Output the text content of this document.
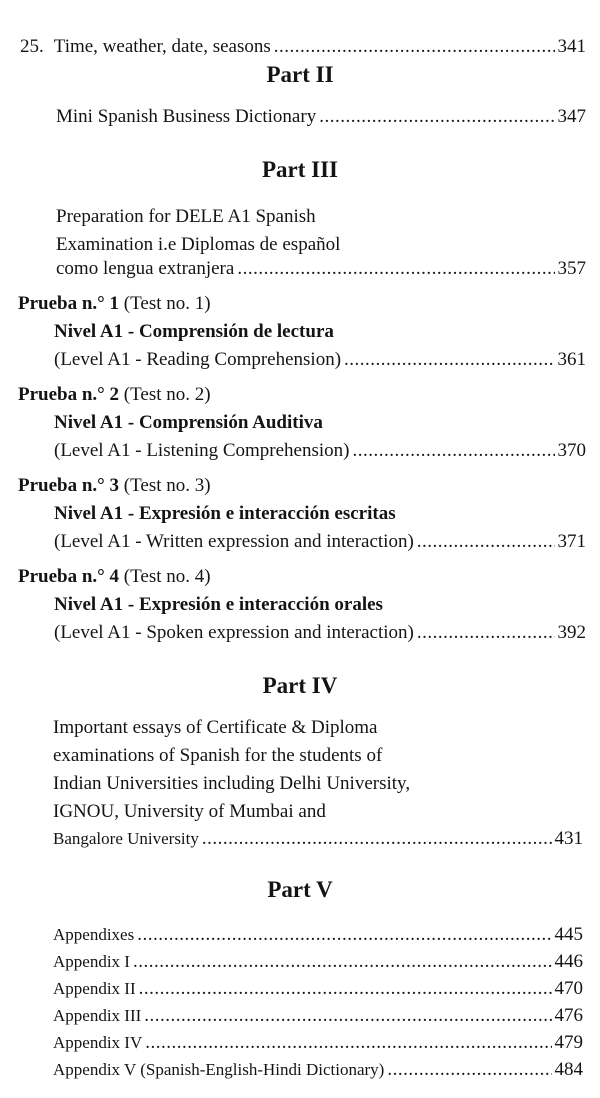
25. Time, weather, date, seasons .....	341
Part II
Mini Spanish Business Dictionary .....	347
Part III
Preparation for DELE A1 Spanish
Examination i.e Diplomas de español
como lengua extranjera .....	357
Prueba n.° 1 (Test no. 1)
Nivel A1 - Comprensión de lectura
(Level A1 - Reading Comprehension) .....	361
Prueba n.° 2 (Test no. 2)
Nivel A1 - Comprensión Auditiva
(Level A1 - Listening Comprehension) .....	370
Prueba n.° 3 (Test no. 3)
Nivel A1 - Expresión e interacción escritas
(Level A1 - Written expression and interaction) .....	371
Prueba n.° 4 (Test no. 4)
Nivel A1 - Expresión e interacción orales
(Level A1 - Spoken expression and interaction) .....	392
Part IV
Important essays of Certificate & Diploma
examinations of Spanish for the students of
Indian Universities including Delhi University,
IGNOU, University of Mumbai and
Bangalore University .....	431
Part V
Appendixes .....	445
Appendix I .....	446
Appendix II .....	470
Appendix III .....	476
Appendix IV .....	479
Appendix V (Spanish-English-Hindi Dictionary) .....	484
